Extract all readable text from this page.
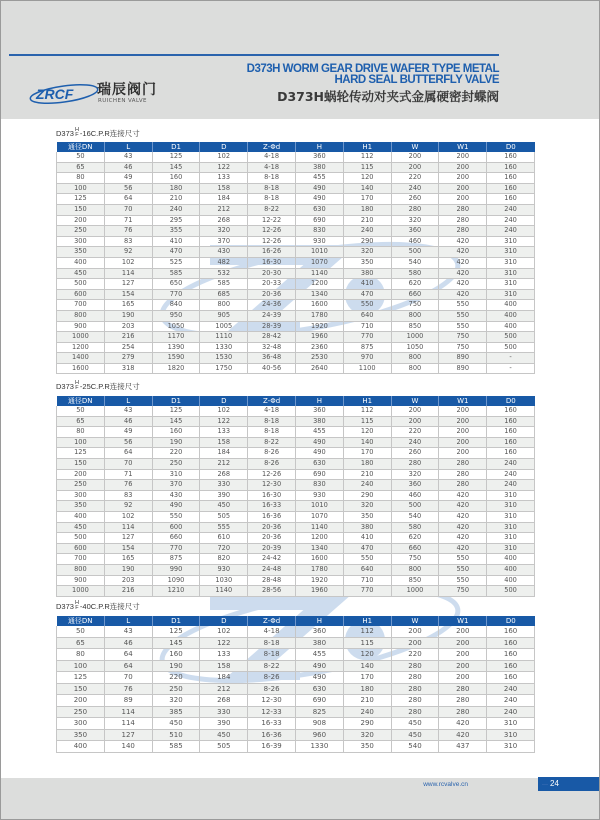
ZRCF 瑞辰阀门
RUICHEN VALVE
D373H WORM GEAR DRIVE WAFER TYPE METAL
HARD SEAL BUTTERFLY VALVE
D373H蜗轮传动对夹式金属硬密封蝶阀
D373 H
F -16C.P.R连接尺寸
通径DN	L	D1	D	Z-Φd	H	H1	W	W1	D0
50	43	125	102	4-18	360	112	200	200	160
65	46	145	122	4-18	380	115	200	200	160
80	49	160	133	8-18	455	120	220	200	160
100	56	180	158	8-18	490	140	240	200	160
125	64	210	184	8-18	490	170	260	200	160
150	70	240	212	8-22	630	180	280	280	240
200	71	295	268	12-22	690	210	320	280	240
250	76	355	320	12-26	830	240	360	280	240
300	83	410	370	12-26	930	290	460	420	310
350	92	470	430	16-26	1010	320	500	420	310
400	102	525	482	16-30	1070	350	540	420	310
450	114	585	532	20-30	1140	380	580	420	310
500	127	650	585	20-33	1200	410	620	420	310
600	154	770	685	20-36	1340	470	660	420	310
700	165	840	800	24-36	1600	550	750	550	400
800	190	950	905	24-39	1780	640	800	550	400
900	203	1050	1005	28-39	1920	710	850	550	400
1000	216	1170	1110	28-42	1960	770	1000	750	500
1200	254	1390	1330	32-48	2360	875	1050	750	500
1400	279	1590	1530	36-48	2530	970	800	890	-
1600	318	1820	1750	40-56	2640	1100	800	890	-
D373 H
F -25C.P.R连接尺寸
通径DN	L	D1	D	Z-Φd	H	H1	W	W1	D0
50	43	125	102	4-18	360	112	200	200	160
65	46	145	122	8-18	380	115	200	200	160
80	49	160	133	8-18	455	120	220	200	160
100	56	190	158	8-22	490	140	240	200	160
125	64	220	184	8-26	490	170	260	200	160
150	70	250	212	8-26	630	180	280	280	240
200	71	310	268	12-26	690	210	320	280	240
250	76	370	330	12-30	830	240	360	280	240
300	83	430	390	16-30	930	290	460	420	310
350	92	490	450	16-33	1010	320	500	420	310
400	102	550	505	16-36	1070	350	540	420	310
450	114	600	555	20-36	1140	380	580	420	310
500	127	660	610	20-36	1200	410	620	420	310
600	154	770	720	20-39	1340	470	660	420	310
700	165	875	820	24-42	1600	550	750	550	400
800	190	990	930	24-48	1780	640	800	550	400
900	203	1090	1030	28-48	1920	710	850	550	400
1000	216	1210	1140	28-56	1960	770	1000	750	500
D373 H
F -40C.P.R连接尺寸
通径DN	L	D1	D	Z-Φd	H	H1	W	W1	D0
50	43	125	102	4-18	360	112	200	200	160
65	46	145	122	8-18	380	115	200	200	160
80	64	160	133	8-18	455	120	220	200	160
100	64	190	158	8-22	490	140	280	200	160
125	70	220	184	8-26	490	170	280	200	160
150	76	250	212	8-26	630	180	280	280	240
200	89	320	268	12-30	690	210	280	280	240
250	114	385	330	12-33	825	240	280	280	240
300	114	450	390	16-33	908	290	450	420	310
350	127	510	450	16-36	960	320	450	420	310
400	140	585	505	16-39	1330	350	540	437	310
www.rcvalve.cn	24
